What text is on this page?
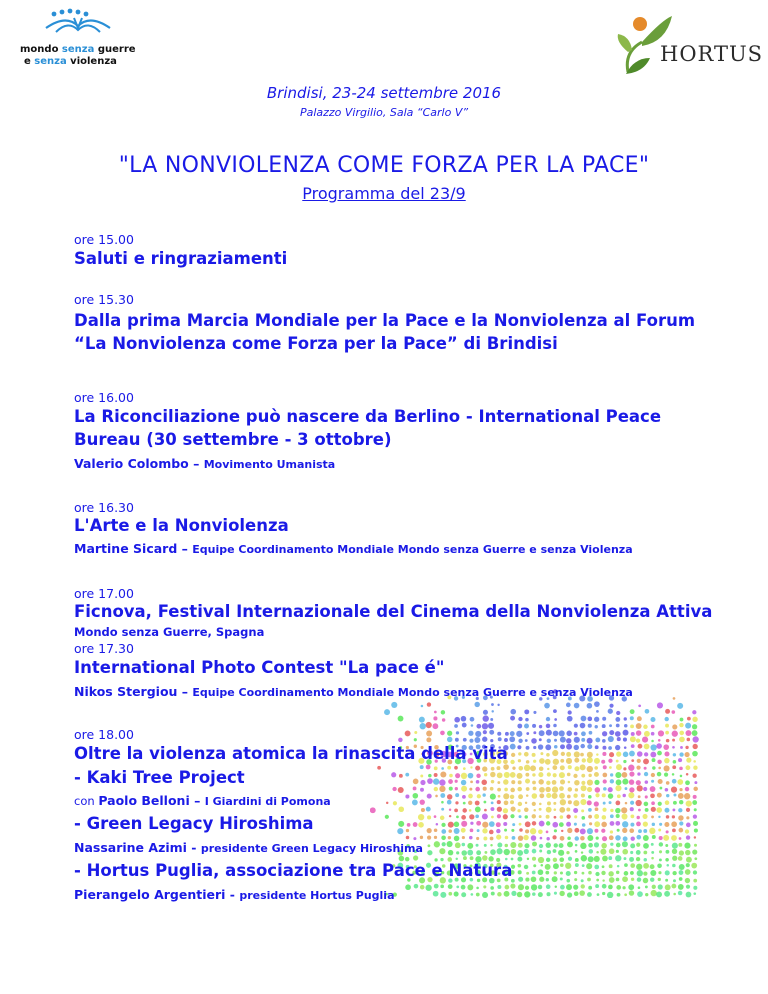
mondo senza guerre
e senza violenza	HORTUS
Brindisi, 23-24 settembre 2016
Palazzo Virgilio, Sala “Carlo V”
"LA NONVIOLENZA COME FORZA PER LA PACE"
Programma del 23/9
ore 15.00
Saluti e ringraziamenti
ore 15.30
Dalla prima Marcia Mondiale per la Pace e la Nonviolenza al Forum
“La Nonviolenza come Forza per la Pace” di Brindisi
ore 16.00
La Riconciliazione può nascere da Berlino - International Peace
Bureau (30 settembre - 3 ottobre)
Valerio Colombo – Movimento Umanista
ore 16.30
L'Arte e la Nonviolenza
Martine Sicard – Equipe Coordinamento Mondiale Mondo senza Guerre e senza Violenza
ore 17.00
Ficnova, Festival Internazionale del Cinema della Nonviolenza Attiva
Mondo senza Guerre, Spagna
ore 17.30
International Photo Contest "La pace é"
Nikos Stergiou – Equipe Coordinamento Mondiale Mondo senza Guerre e senza Violenza
ore 18.00
Oltre la violenza atomica la rinascita della vita
- Kaki Tree Project
con Paolo Belloni – I Giardini di Pomona
- Green Legacy Hiroshima
Nassarine Azimi - presidente Green Legacy Hiroshima
- Hortus Puglia, associazione tra Pace e Natura
Pierangelo Argentieri - presidente Hortus Puglia
